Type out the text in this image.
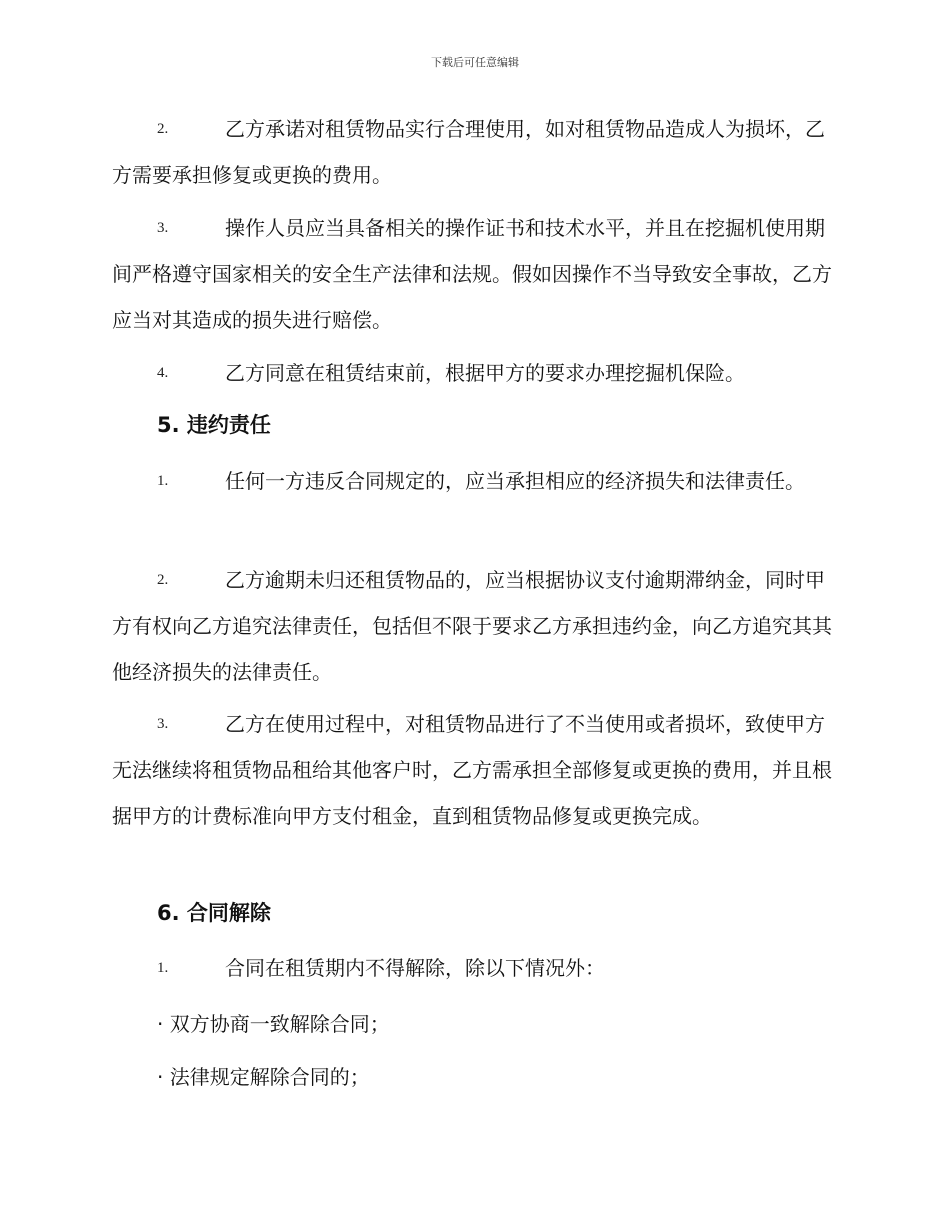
下载后可任意编辑
2.	乙方承诺对租赁物品实行合理使用，如对租赁物品造成人为损坏，乙方需要承担修复或更换的费用。
3.	操作人员应当具备相关的操作证书和技术水平，并且在挖掘机使用期间严格遵守国家相关的安全生产法律和法规。假如因操作不当导致安全事故，乙方应当对其造成的损失进行赔偿。
4.	乙方同意在租赁结束前，根据甲方的要求办理挖掘机保险。
5. 违约责任
1.	任何一方违反合同规定的，应当承担相应的经济损失和法律责任。
2.	乙方逾期未归还租赁物品的，应当根据协议支付逾期滞纳金，同时甲方有权向乙方追究法律责任，包括但不限于要求乙方承担违约金，向乙方追究其其他经济损失的法律责任。
3.	乙方在使用过程中，对租赁物品进行了不当使用或者损坏，致使甲方无法继续将租赁物品租给其他客户时，乙方需承担全部修复或更换的费用，并且根据甲方的计费标准向甲方支付租金，直到租赁物品修复或更换完成。
6. 合同解除
1.	合同在租赁期内不得解除，除以下情况外：
· 双方协商一致解除合同；
· 法律规定解除合同的；
